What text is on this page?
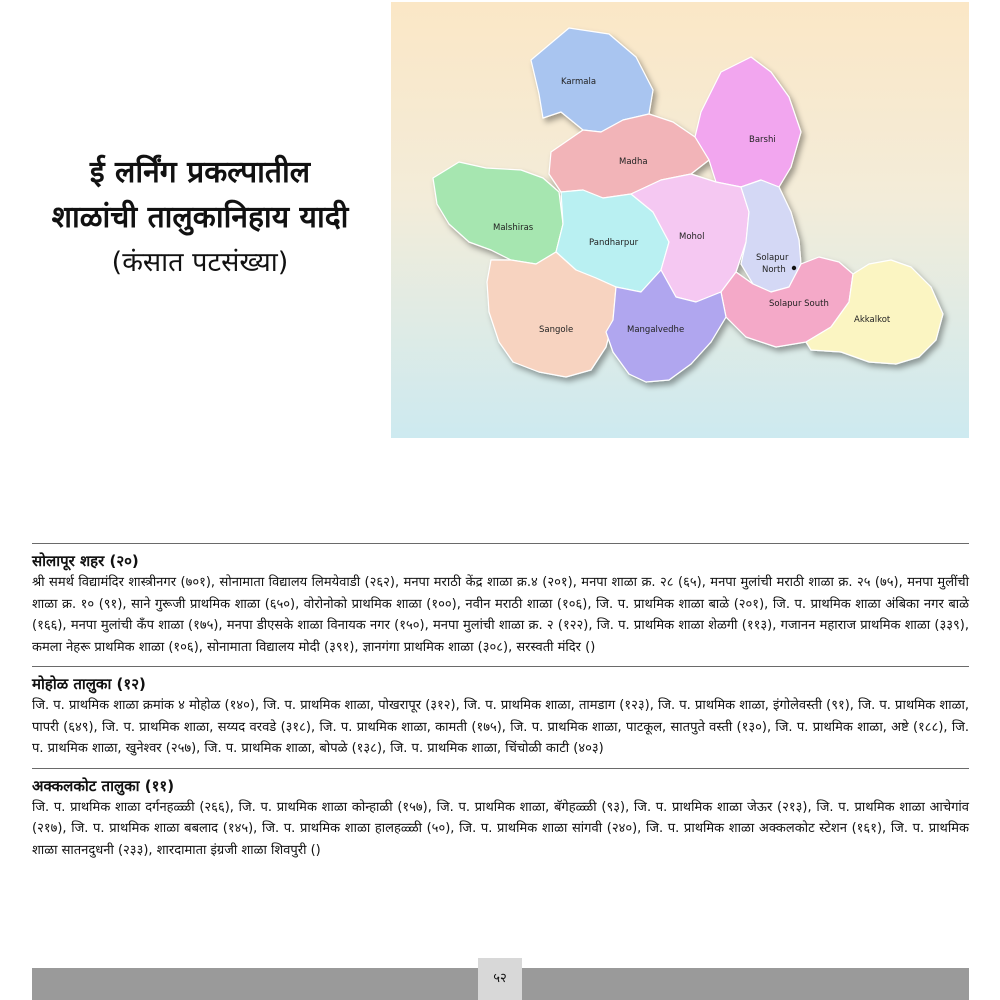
ई लर्निंग प्रकल्पातील
शाळांची तालुकानिहाय यादी
(कंसात पटसंख्या)
Karmala
Barshi
Madha
Malshiras
Pandharpur
Mohol
Solapur
North
Solapur South
Sangole	Mangalvedhe
Akkalkot
सोलापूर शहर (२०)
श्री समर्थ विद्यामंदिर शास्त्रीनगर (७०१), सोनामाता विद्यालय लिमयेवाडी (२६२), मनपा मराठी केंद्र शाळा क्र.४ (२०१), मनपा शाळा क्र. २८ (६५), मनपा मुलांची मराठी शाळा क्र. २५ (७५), मनपा मुलींची शाळा क्र. १० (९१), साने गुरूजी प्राथमिक शाळा (६५०), वोरोनोको प्राथमिक शाळा (१००), नवीन मराठी शाळा (१०६), जि. प. प्राथमिक शाळा बाळे (२०१), जि. प. प्राथमिक शाळा अंबिका नगर बाळे (१६६), मनपा मुलांची कॅंप शाळा (१७५), मनपा डीएसके शाळा विनायक नगर (१५०), मनपा मुलांची शाळा क्र. २ (१२२), जि. प. प्राथमिक शाळा शेळगी (११३), गजानन महाराज प्राथमिक शाळा (३३९), कमला नेहरू प्राथमिक शाळा (१०६), सोनामाता विद्यालय मोदी (३९१), ज्ञानगंगा प्राथमिक शाळा (३०८), सरस्वती मंदिर ()
मोहोळ तालुका (१२)
जि. प. प्राथमिक शाळा क्रमांक ४ मोहोळ (१४०), जि. प. प्राथमिक शाळा, पोखरापूर (३१२), जि. प. प्राथमिक शाळा, तामडाग (१२३), जि. प. प्राथमिक शाळा, इंगोलेवस्ती (९१), जि. प. प्राथमिक शाळा, पापरी (६४९), जि. प. प्राथमिक शाळा, सय्यद वरवडे (३१८), जि. प. प्राथमिक शाळा, कामती (१७५), जि. प. प्राथमिक शाळा, पाटकूल, सातपुते वस्ती (१३०), जि. प. प्राथमिक शाळा, अष्टे (१८८), जि. प. प्राथमिक शाळा, खुनेश्वर (२५७), जि. प. प्राथमिक शाळा, बोपळे (१३८), जि. प. प्राथमिक शाळा, चिंचोळी काटी (४०३)
अक्कलकोट तालुका (११)
जि. प. प्राथमिक शाळा दर्गनहळ्ळी (२६६), जि. प. प्राथमिक शाळा कोन्हाळी (१५७), जि. प. प्राथमिक शाळा, बॅगेहळ्ळी (९३), जि. प. प्राथमिक शाळा जेऊर (२१३), जि. प. प्राथमिक शाळा आचेगांव (२१७), जि. प. प्राथमिक शाळा बबलाद (१४५), जि. प. प्राथमिक शाळा हालहळ्ळी (५०), जि. प. प्राथमिक शाळा सांगवी (२४०), जि. प. प्राथमिक शाळा अक्कलकोट स्टेशन (१६१), जि. प. प्राथमिक शाळा सातनदुधनी (२३३), शारदामाता इंग्रजी शाळा शिवपुरी ()
५२
